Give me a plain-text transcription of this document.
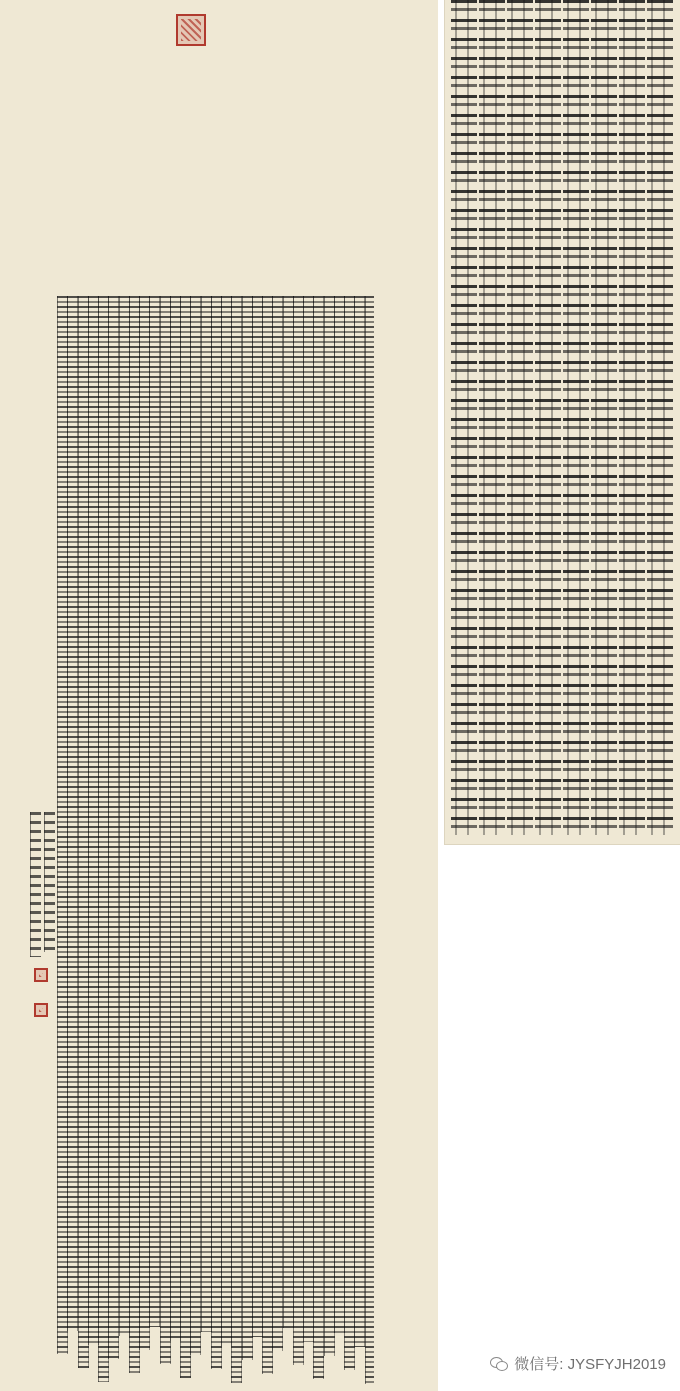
微信号: JYSFYJH2019
